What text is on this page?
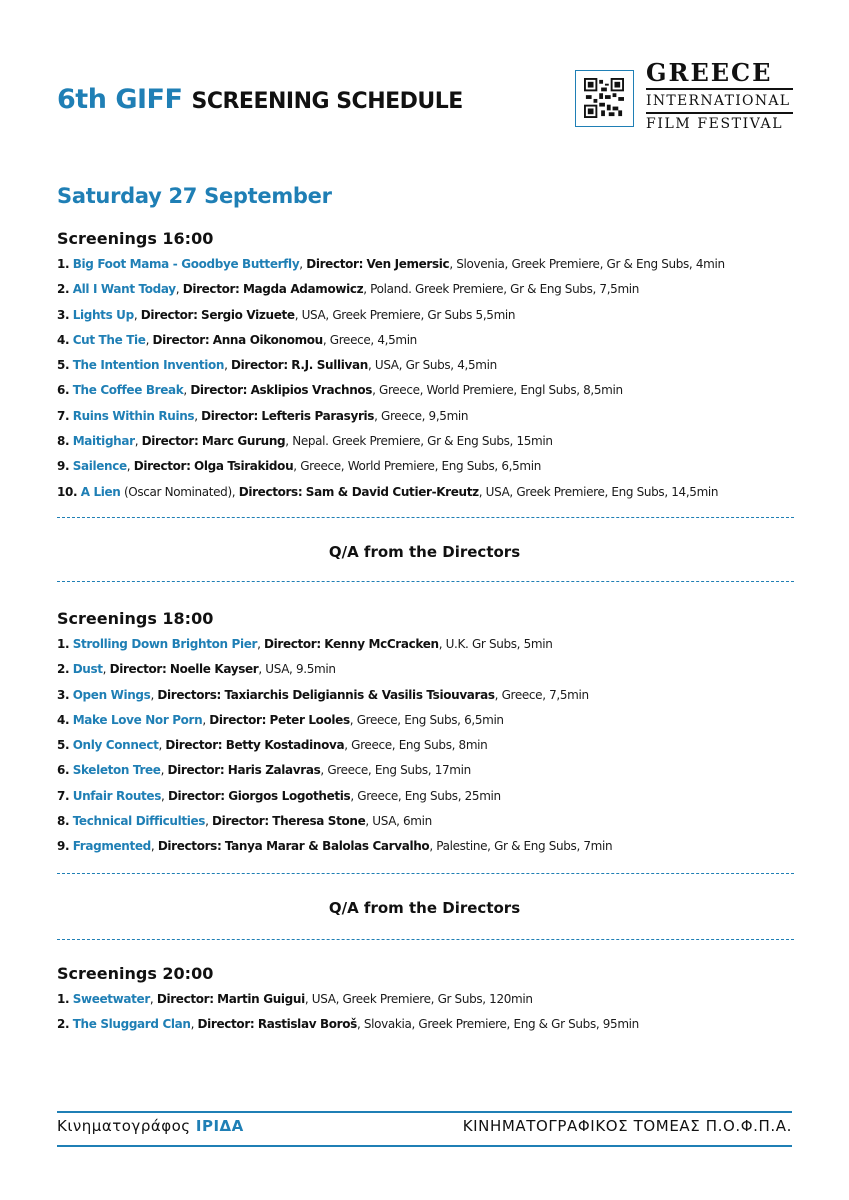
6th GIFF SCREENING SCHEDULE
GREECE
INTERNATIONAL
FILM FESTIVAL
Saturday 27 September
Screenings 16:00
1. Big Foot Mama - Goodbye Butterfly, Director: Ven Jemersic, Slovenia, Greek Premiere, Gr & Eng Subs, 4min
2. All I Want Today, Director: Magda Adamowicz, Poland. Greek Premiere, Gr & Eng Subs, 7,5min
3. Lights Up, Director: Sergio Vizuete, USA, Greek Premiere, Gr Subs 5,5min
4. Cut The Tie, Director: Anna Oikonomou, Greece, 4,5min
5. The Intention Invention, Director: R.J. Sullivan, USA, Gr Subs, 4,5min
6. The Coffee Break, Director: Asklipios Vrachnos, Greece, World Premiere, Engl Subs, 8,5min
7. Ruins Within Ruins, Director: Lefteris Parasyris, Greece, 9,5min
8. Maitighar, Director: Marc Gurung, Nepal. Greek Premiere, Gr & Eng Subs, 15min
9. Sailence, Director: Olga Tsirakidou, Greece, World Premiere, Eng Subs, 6,5min
10. A Lien (Oscar Nominated), Directors: Sam & David Cutier-Kreutz, USA, Greek Premiere, Eng Subs, 14,5min
Q/A from the Directors
Screenings 18:00
1. Strolling Down Brighton Pier, Director: Kenny McCracken, U.K. Gr Subs, 5min
2. Dust, Director: Noelle Kayser, USA, 9.5min
3. Open Wings, Directors: Taxiarchis Deligiannis & Vasilis Tsiouvaras, Greece, 7,5min
4. Make Love Nor Porn, Director: Peter Looles, Greece, Eng Subs, 6,5min
5. Only Connect, Director: Betty Kostadinova, Greece, Eng Subs, 8min
6. Skeleton Tree, Director: Haris Zalavras, Greece, Eng Subs, 17min
7. Unfair Routes, Director: Giorgos Logothetis, Greece, Eng Subs, 25min
8. Technical Difficulties, Director: Theresa Stone, USA, 6min
9. Fragmented, Directors: Tanya Marar & Balolas Carvalho, Palestine, Gr & Eng Subs, 7min
Q/A from the Directors
Screenings 20:00
1. Sweetwater, Director: Martin Guigui, USA, Greek Premiere, Gr Subs, 120min
2. The Sluggard Clan, Director: Rastislav Boroš, Slovakia, Greek Premiere, Eng & Gr Subs, 95min
Κινηματογράφος ΙΡΙΔΑ	ΚΙΝΗΜΑΤΟΓΡΑΦΙΚΟΣ ΤΟΜΕΑΣ Π.Ο.Φ.Π.Α.
